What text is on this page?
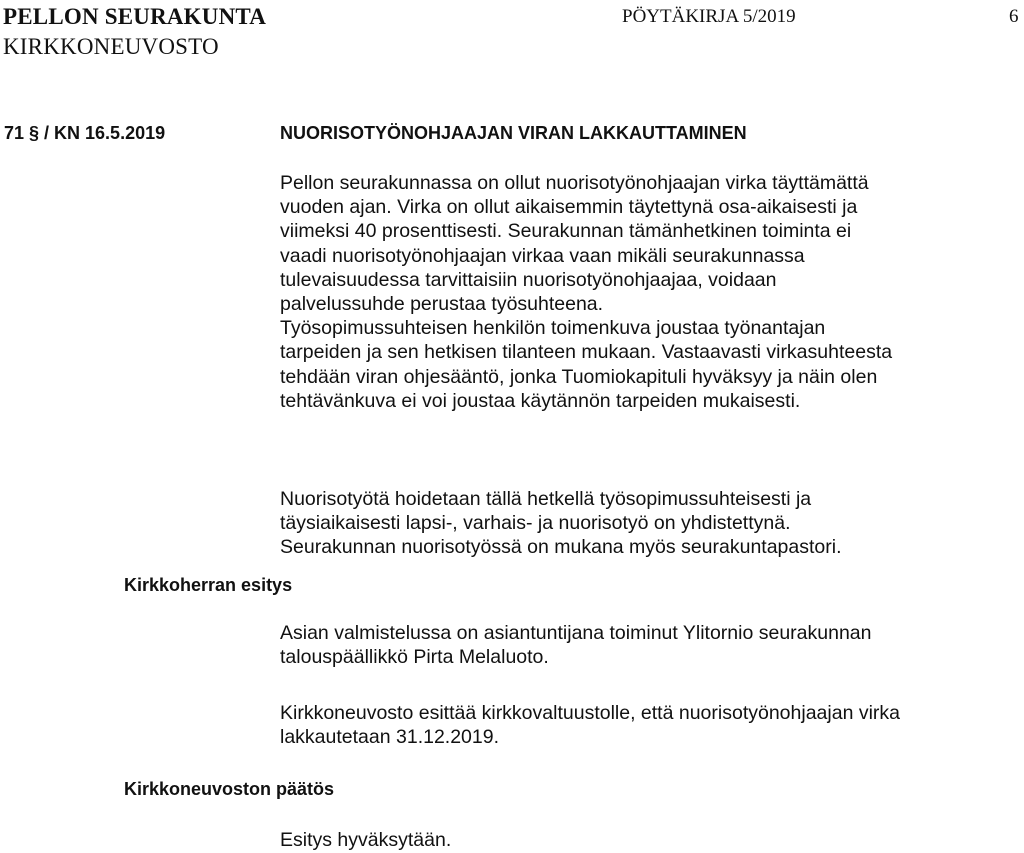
PELLON SEURAKUNTA
KIRKKONEUVOSTO
PÖYTÄKIRJA 5/2019	6
71 § / KN 16.5.2019	NUORISOTYÖNOHJAAJAN VIRAN LAKKAUTTAMINEN
Pellon seurakunnassa on ollut nuorisotyönohjaajan virka täyttämättä
vuoden ajan. Virka on ollut aikaisemmin täytettynä osa-aikaisesti ja
viimeksi 40 prosenttisesti. Seurakunnan tämänhetkinen toiminta ei
vaadi nuorisotyönohjaajan virkaa vaan mikäli seurakunnassa
tulevaisuudessa tarvittaisiin nuorisotyönohjaajaa, voidaan
palvelussuhde perustaa työsuhteena.
Työsopimussuhteisen henkilön toimenkuva joustaa työnantajan
tarpeiden ja sen hetkisen tilanteen mukaan. Vastaavasti virkasuhteesta
tehdään viran ohjesääntö, jonka Tuomiokapituli hyväksyy ja näin olen
tehtävänkuva ei voi joustaa käytännön tarpeiden mukaisesti.
Nuorisotyötä hoidetaan tällä hetkellä työsopimussuhteisesti ja
täysiaikaisesti lapsi-, varhais- ja nuorisotyö on yhdistettynä.
Seurakunnan nuorisotyössä on mukana myös seurakuntapastori.
Kirkkoherran esitys
Asian valmistelussa on asiantuntijana toiminut Ylitornio seurakunnan
talouspäällikkö Pirta Melaluoto.
Kirkkoneuvosto esittää kirkkovaltuustolle, että nuorisotyönohjaajan virka
lakkautetaan 31.12.2019.
Kirkkoneuvoston päätös
Esitys hyväksytään.
